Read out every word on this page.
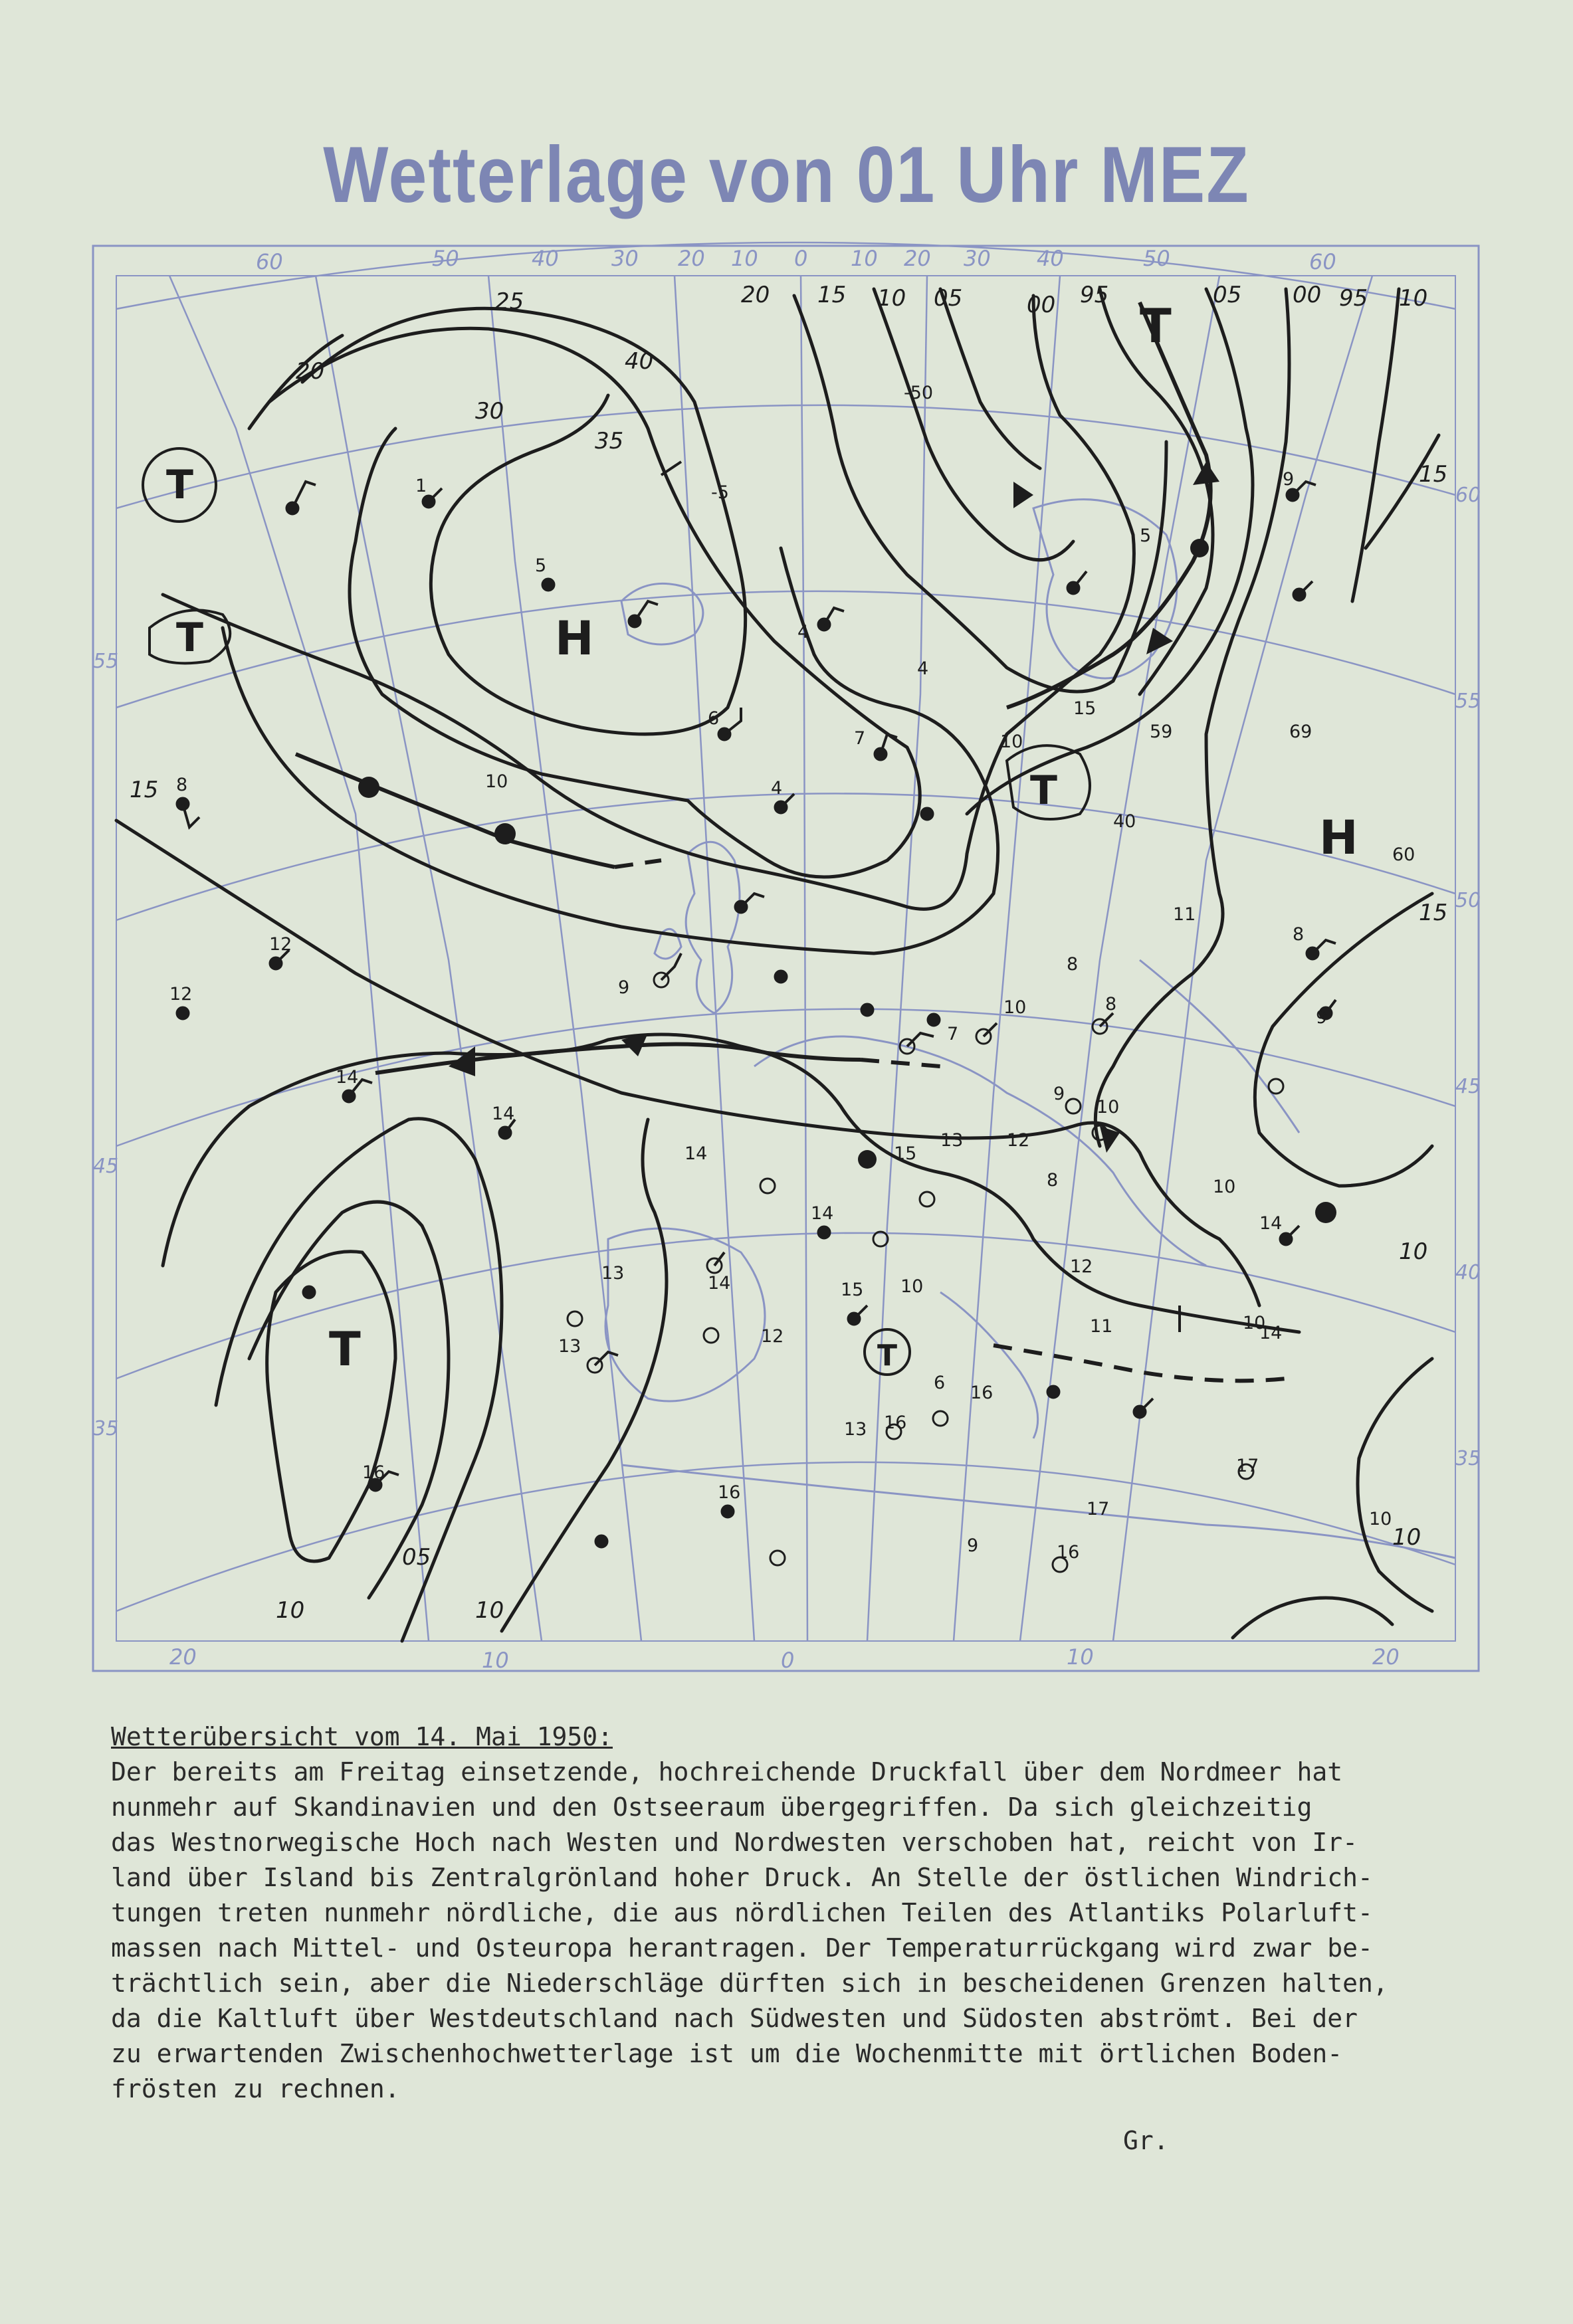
Wetterlage von 01 Uhr MEZ
60	50	40 30 20 10 0 10 20 30 40	50	60
20	10	0	10	20
55
45
35
60
55
50
45
40
35
25
20
30
40
35
20 15 10 05	00 95	05 00 95 10
15
15
15
10
05
10	10
10
T
T	H
T
H
T
T	T
-5
1
5
4
4
4
6
7
8	10
10
12
12
14
14
14
14
15
13
13
13
14
12
15
16
16
16
16
17
9
8
8
8
9
10
11
10
13
9
8	10
10
14
12
17
16
9
14
60
69
59
40
-50
12
11
15
10
10
5
9
7
6
Wetterübersicht vom 14. Mai 1950:
Der bereits am Freitag einsetzende, hochreichende Druckfall über dem Nordmeer hat
nunmehr auf Skandinavien und den Ostseeraum übergegriffen. Da sich gleichzeitig
das Westnorwegische Hoch nach Westen und Nordwesten verschoben hat, reicht von Ir-
land über Island bis Zentralgrönland hoher Druck. An Stelle der östlichen Windrich-
tungen treten nunmehr nördliche, die aus nördlichen Teilen des Atlantiks Polarluft-
massen nach Mittel- und Osteuropa herantragen. Der Temperaturrückgang wird zwar be-
trächtlich sein, aber die Niederschläge dürften sich in bescheidenen Grenzen halten,
da die Kaltluft über Westdeutschland nach Südwesten und Südosten abströmt. Bei der
zu erwartenden Zwischenhochwetterlage ist um die Wochenmitte mit örtlichen Boden-
frösten zu rechnen.
Gr.
